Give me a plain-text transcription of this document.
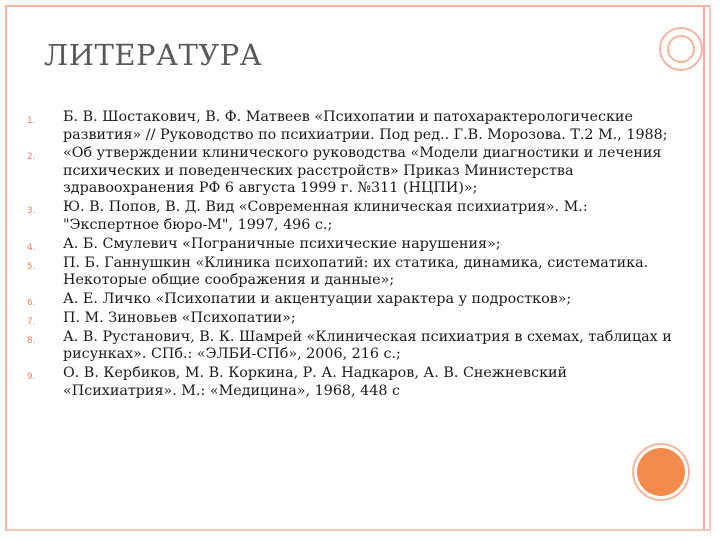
ЛИТЕРАТУРА
1. Б. В. Шостакович, В. Ф. Матвеев «Психопатии и патохарактерологические развития» // Руководство по психиатрии. Под ред.. Г.В. Морозова. Т.2 М., 1988;
2. «Об утверждении клинического руководства «Модели диагностики и лечения психических и поведенческих расстройств» Приказ Министерства здравоохранения РФ 6 августа 1999 г. №311 (НЦПИ)»;
3. Ю. В. Попов, В. Д. Вид «Современная клиническая психиатрия». М.: "Экспертное бюро-М", 1997, 496 с.;
4. А. Б. Смулевич «Пограничные психические нарушения»;
5. П. Б. Ганнушкин «Клиника психопатий: их статика, динамика, систематика. Некоторые общие соображения и данные»;
6. А. Е. Личко «Психопатии и акцентуации характера у подростков»;
7. П. М. Зиновьев «Психопатии»;
8. А. В. Рустанович, В. К. Шамрей «Клиническая психиатрия в схемах, таблицах и рисунках». СПб.: «ЭЛБИ-СПб», 2006, 216 с.;
9. О. В. Кербиков, М. В. Коркина, Р. А. Надкаров, А. В. Снежневский «Психиатрия». М.: «Медицина», 1968, 448 с
